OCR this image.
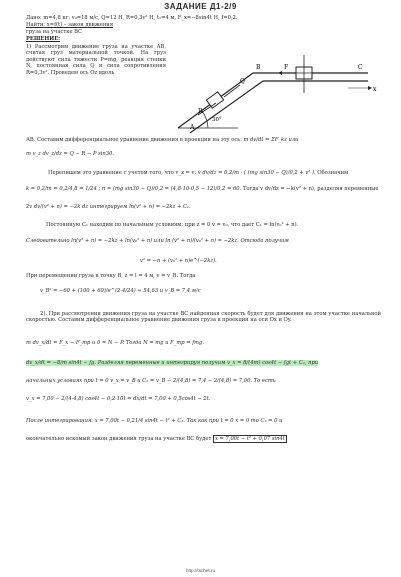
ЗАДАНИЕ Д1-2/9
Дано: m=4,8 кг, v₀=18 м/с, Q=12 Н, R=0,3v² Н, t₁=4 м, F_x=−8sin4t Н, f=0,2.
Найти: x=f(t) – закон движения
груза на участке ВС
РЕШЕНИЕ:
1) Рассмотрим движение груза на участке АВ, считая груз материальной точкой. На груз действуют сила тяжести P=mg, реакция стенки N, постоянная сила Q и сила сопротивления R=0,3v². Проведем ось Oz вдоль
A
B	C
Q
R
F
30°
x
АВ. Составим дифференциальное уравнение движения в проекции на эту ось: m dv/dt = ΣF_kz или
m v_z dv_z/dz = Q − R − P sin30.
Перепишем это уравнение с учетом того, что v_z = v: v dv/dz = 0,2/m · ( (mg sin30 − Q)/0,2 + v² ). Обозначим
k = 0,2/m = 0,2/4,8 = 1/24 ; n = (mg sin30 − Q)/0,2 = (4,8·10·0,5 − 12)/0,2 = 60. Тогда v dv/dz = −k(v² + n), разделяя переменные
2v dv/(v² + n) = −2k dz интегрируем ln(v² + n) = −2kz + C₁.
Постоянную C₁ находим по начальным условиям: при z = 0 v = v₀, что дает C₁ = ln(v₀² + n).
Следовательно ln(v² + n) = −2kz + ln(v₀² + n) или ln (v² + n)/(v₀² + n) = −2kz. Отсюда получим
v² = −n + (v₀² + n)e^(−2kz).
При перемещении груза в точку B, z = l = 4 м, v = v_B. Тогда
v_B² = −60 + (100 + 60)/e^(2·4/24) ≈ 54,63 и v_B = 7,4 м/с
2). При рассмотрении движения груза на участке ВС найденная скорость будет для движения на этом участке начальной скоростью. Составим дифференциальное уравнение движения груза в проекции на оси Ox и Oy.
m dv_x/dt = F_x − F_тр и 0 = N − P. Тогда N = mg и F_тр = fmg.
dv_x/dt = −8/m sin4t − fg. Разделяя переменные и интегрируя получим v_x = 8/(4m) cos4t − fgt + C₂, при
начальных условиях при t = 0 v_x = v_B и C₂ = v_B − 2/(4,8) = 7,4 − 2/(4,8) = 7,00. То есть
v_x = 7,00 − 2/(4·4,8) cos4t − 0,2·10t = dx/dt = 7,00 + 0,5cos4t − 2t.
После интегрирования: x = 7,00t − 0,21/4 sin4t − t² + C₃. Так как при t = 0 x = 0 то C₃ = 0 и
окончательно искомый закон движения груза на участке ВС будет x = 7,00t − t² + 0,07 sin4t
http://tschet.ru
